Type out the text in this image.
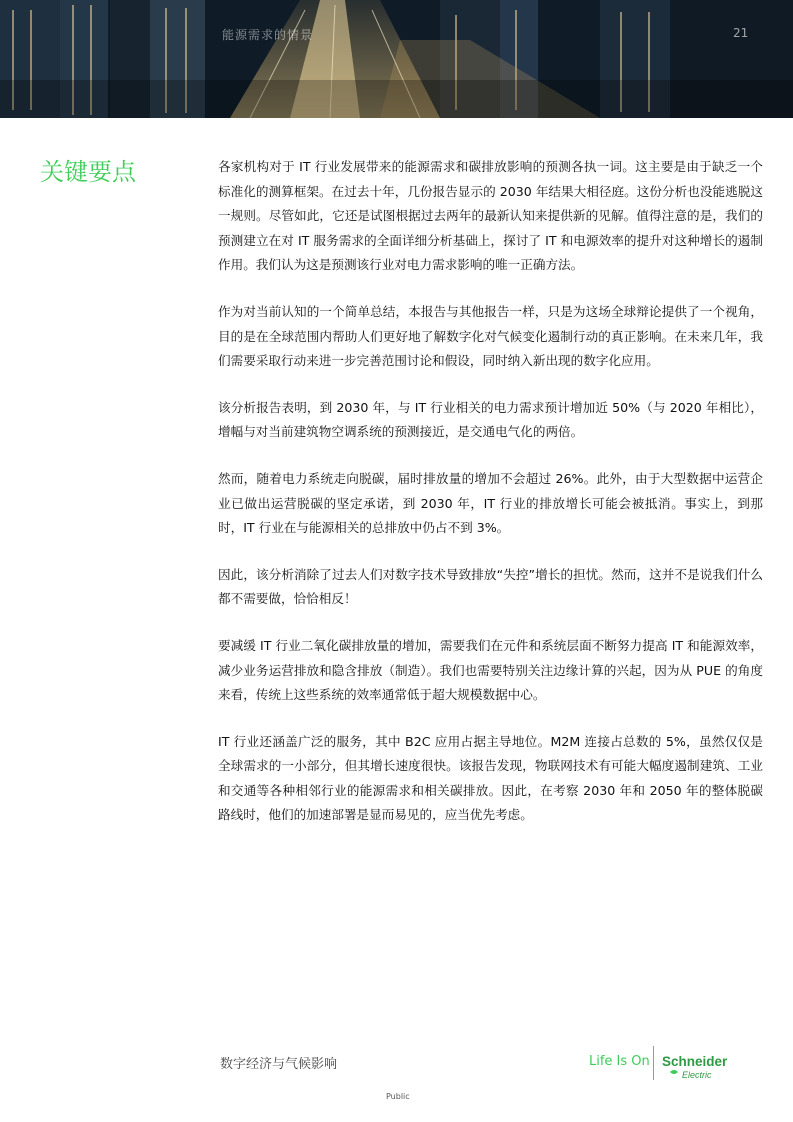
能源需求的情景	21
关键要点	各家机构对于 IT 行业发展带来的能源需求和碳排放影响的预测各执一词。这主要是由于缺乏一个标准化的测算框架。在过去十年，几份报告显示的 2030 年结果大相径庭。这份分析也没能逃脱这一规则。尽管如此，它还是试图根据过去两年的最新认知来提供新的见解。值得注意的是，我们的预测建立在对 IT 服务需求的全面详细分析基础上，探讨了 IT 和电源效率的提升对这种增长的遏制作用。我们认为这是预测该行业对电力需求影响的唯一正确方法。

作为对当前认知的一个简单总结，本报告与其他报告一样，只是为这场全球辩论提供了一个视角，目的是在全球范围内帮助人们更好地了解数字化对气候变化遏制行动的真正影响。在未来几年，我们需要采取行动来进一步完善范围讨论和假设，同时纳入新出现的数字化应用。

该分析报告表明，到 2030 年，与 IT 行业相关的电力需求预计增加近 50%（与 2020 年相比），增幅与对当前建筑物空调系统的预测接近，是交通电气化的两倍。

然而，随着电力系统走向脱碳，届时排放量的增加不会超过 26%。此外，由于大型数据中运营企业已做出运营脱碳的坚定承诺，到 2030 年，IT 行业的排放增长可能会被抵消。事实上，到那时，IT 行业在与能源相关的总排放中仍占不到 3%。

因此，该分析消除了过去人们对数字技术导致排放“失控”增长的担忧。然而，这并不是说我们什么都不需要做，恰恰相反！

要减缓 IT 行业二氧化碳排放量的增加，需要我们在元件和系统层面不断努力提高 IT 和能源效率，减少业务运营排放和隐含排放（制造）。我们也需要特别关注边缘计算的兴起，因为从 PUE 的角度来看，传统上这些系统的效率通常低于超大规模数据中心。

IT 行业还涵盖广泛的服务，其中 B2C 应用占据主导地位。M2M 连接占总数的 5%，虽然仅仅是全球需求的一小部分，但其增长速度很快。该报告发现，物联网技术有可能大幅度遏制建筑、工业和交通等各种相邻行业的能源需求和相关碳排放。因此，在考察 2030 年和 2050 年的整体脱碳路线时，他们的加速部署是显而易见的，应当优先考虑。

数字经济与气候影响	Life Is On Schneider
Electric
Public
